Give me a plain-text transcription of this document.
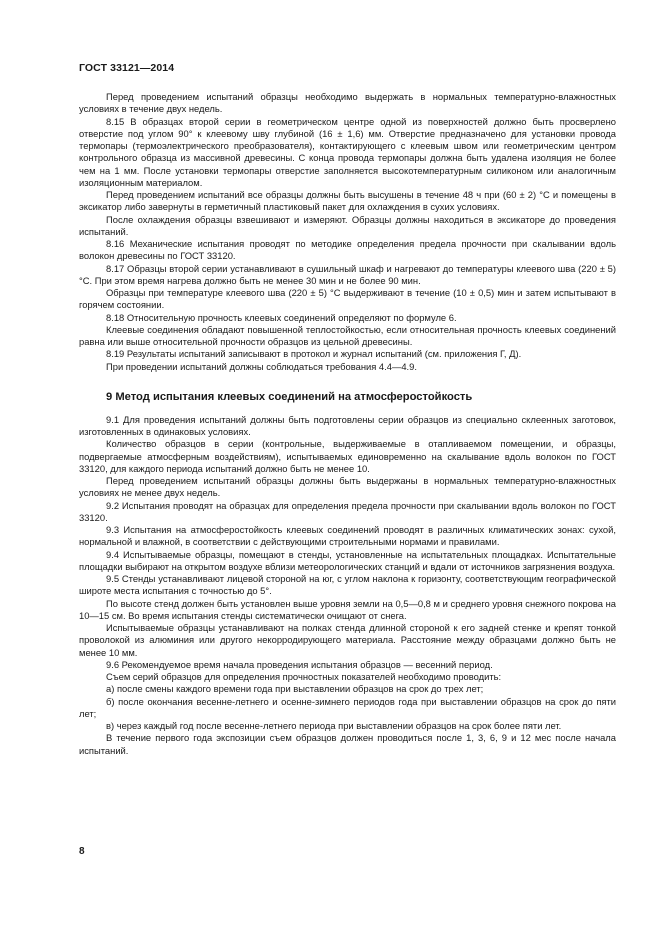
ГОСТ 33121—2014

Перед проведением испытаний образцы необходимо выдержать в нормальных температурно-влажностных условиях в течение двух недель.

8.15 В образцах второй серии в геометрическом центре одной из поверхностей должно быть просверлено отверстие под углом 90° к клеевому шву глубиной (16 ± 1,6) мм. Отверстие предназначено для установки провода термопары (термоэлектрического преобразователя), контактирующего с клеевым швом или геометрическим центром контрольного образца из массивной древесины. С конца провода термопары должна быть удалена изоляция не более чем на 1 мм. После установки термопары отверстие заполняется высокотемпературным силиконом или аналогичным изоляционным материалом.

Перед проведением испытаний все образцы должны быть высушены в течение 48 ч при (60 ± 2) °С и помещены в эксикатор либо завернуты в герметичный пластиковый пакет для охлаждения в сухих условиях.

После охлаждения образцы взвешивают и измеряют. Образцы должны находиться в эксикаторе до проведения испытаний.

8.16 Механические испытания проводят по методике определения предела прочности при скалывании вдоль волокон древесины по ГОСТ 33120.

8.17 Образцы второй серии устанавливают в сушильный шкаф и нагревают до температуры клеевого шва (220 ± 5) °С. При этом время нагрева должно быть не менее 30 мин и не более 90 мин.

Образцы при температуре клеевого шва (220 ± 5) °С выдерживают в течение (10 ± 0,5) мин и затем испытывают в горячем состоянии.

8.18 Относительную прочность клеевых соединений определяют по формуле 6.

Клеевые соединения обладают повышенной теплостойкостью, если относительная прочность клеевых соединений равна или выше относительной прочности образцов из цельной древесины.

8.19 Результаты испытаний записывают в протокол и журнал испытаний (см. приложения Г, Д).

При проведении испытаний должны соблюдаться требования 4.4—4.9.

9 Метод испытания клеевых соединений на атмосферостойкость

9.1 Для проведения испытаний должны быть подготовлены серии образцов из специально склеенных заготовок, изготовленных в одинаковых условиях.

Количество образцов в серии (контрольные, выдерживаемые в отапливаемом помещении, и образцы, подвергаемые атмосферным воздействиям), испытываемых единовременно на скалывание вдоль волокон по ГОСТ 33120, для каждого периода испытаний должно быть не менее 10.

Перед проведением испытаний образцы должны быть выдержаны в нормальных температурно-влажностных условиях не менее двух недель.

9.2 Испытания проводят на образцах для определения предела прочности при скалывании вдоль волокон по ГОСТ 33120.

9.3 Испытания на атмосферостойкость клеевых соединений проводят в различных климатических зонах: сухой, нормальной и влажной, в соответствии с действующими строительными нормами и правилами.

9.4 Испытываемые образцы, помещают в стенды, установленные на испытательных площадках. Испытательные площадки выбирают на открытом воздухе вблизи метеорологических станций и вдали от источников загрязнения воздуха.

9.5 Стенды устанавливают лицевой стороной на юг, с углом наклона к горизонту, соответствующим географической широте места испытания с точностью до 5°.

По высоте стенд должен быть установлен выше уровня земли на 0,5—0,8 м и среднего уровня снежного покрова на 10—15 см. Во время испытания стенды систематически очищают от снега.

Испытываемые образцы устанавливают на полках стенда длинной стороной к его задней стенке и крепят тонкой проволокой из алюминия или другого некорродирующего материала. Расстояние между образцами должно быть не менее 10 мм.

9.6 Рекомендуемое время начала проведения испытания образцов — весенний период.

Съем серий образцов для определения прочностных показателей необходимо проводить:

а) после смены каждого времени года при выставлении образцов на срок до трех лет;

б) после окончания весенне-летнего и осенне-зимнего периодов года при выставлении образцов на срок до пяти лет;

в) через каждый год после весенне-летнего периода при выставлении образцов на срок более пяти лет.

В течение первого года экспозиции съем образцов должен проводиться после 1, 3, 6, 9 и 12 мес после начала испытаний.

8
